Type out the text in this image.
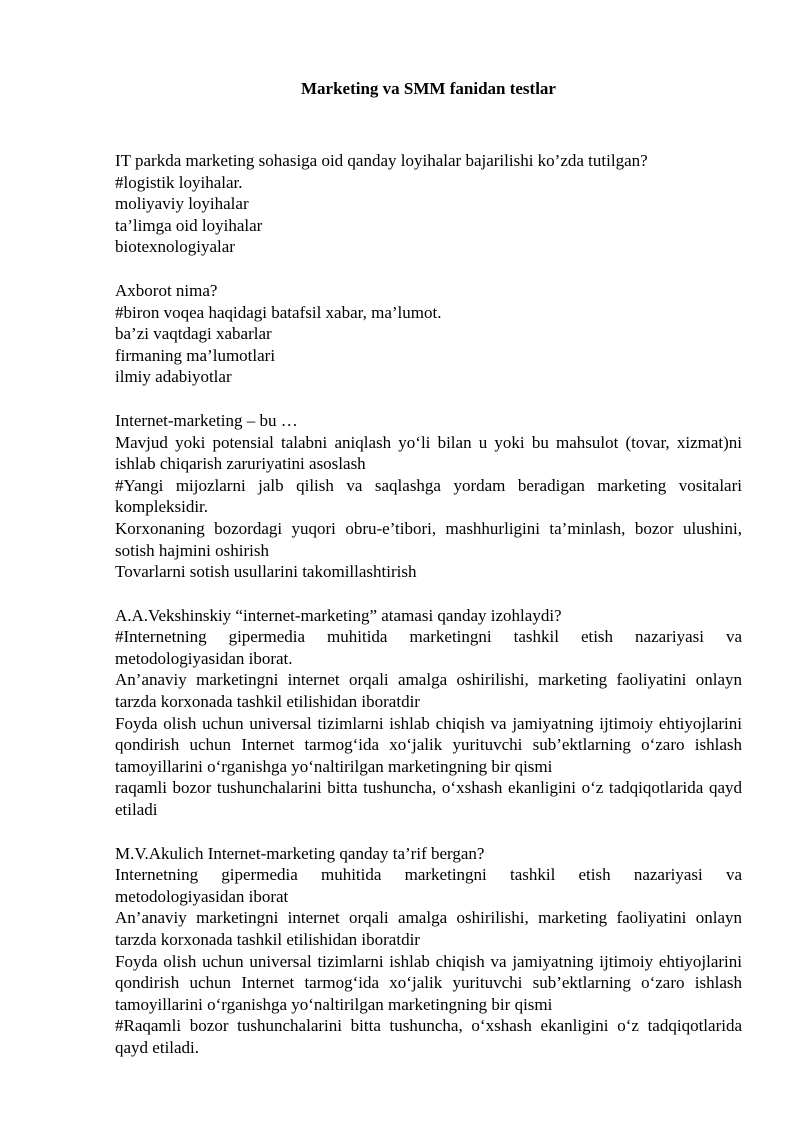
Marketing va SMM fanidan testlar

IT parkda marketing sohasiga oid qanday loyihalar bajarilishi ko’zda tutilgan?

#logistik loyihalar.

moliyaviy loyihalar

ta’limga oid loyihalar

biotexnologiyalar

Axborot nima?

#biron voqea haqidagi batafsil xabar, ma’lumot.

ba’zi vaqtdagi xabarlar

firmaning ma’lumotlari

ilmiy adabiyotlar

Internet-marketing – bu …

Mavjud yoki potensial talabni aniqlash yo‘li bilan u yoki bu mahsulot (tovar, xizmat)ni ishlab chiqarish zaruriyatini asoslash

#Yangi mijozlarni jalb qilish va saqlashga yordam beradigan marketing vositalari kompleksidir.

Korxonaning bozordagi yuqori obru-e’tibori, mashhurligini ta’minlash, bozor ulushini, sotish hajmini oshirish

Tovarlarni sotish usullarini takomillashtirish

A.A.Vekshinskiy “internet-marketing” atamasi qanday izohlaydi?

#Internetning gipermedia muhitida marketingni tashkil etish nazariyasi va metodologiyasidan iborat.

An’anaviy marketingni internet orqali amalga oshirilishi, marketing faoliyatini onlayn tarzda korxonada tashkil etilishidan iboratdir

Foyda olish uchun universal tizimlarni ishlab chiqish va jamiyatning ijtimoiy ehtiyojlarini qondirish uchun Internet tarmog‘ida xo‘jalik yurituvchi sub’ektlarning o‘zaro ishlash tamoyillarini o‘rganishga yo‘naltirilgan marketingning bir qismi

raqamli bozor tushunchalarini bitta tushuncha, o‘xshash ekanligini o‘z tadqiqotlarida qayd etiladi

M.V.Akulich Internet-marketing qanday ta’rif bergan?

Internetning gipermedia muhitida marketingni tashkil etish nazariyasi va metodologiyasidan iborat

An’anaviy marketingni internet orqali amalga oshirilishi, marketing faoliyatini onlayn tarzda korxonada tashkil etilishidan iboratdir

Foyda olish uchun universal tizimlarni ishlab chiqish va jamiyatning ijtimoiy ehtiyojlarini qondirish uchun Internet tarmog‘ida xo‘jalik yurituvchi sub’ektlarning o‘zaro ishlash tamoyillarini o‘rganishga yo‘naltirilgan marketingning bir qismi

#Raqamli bozor tushunchalarini bitta tushuncha, o‘xshash ekanligini o‘z tadqiqotlarida qayd etiladi.
